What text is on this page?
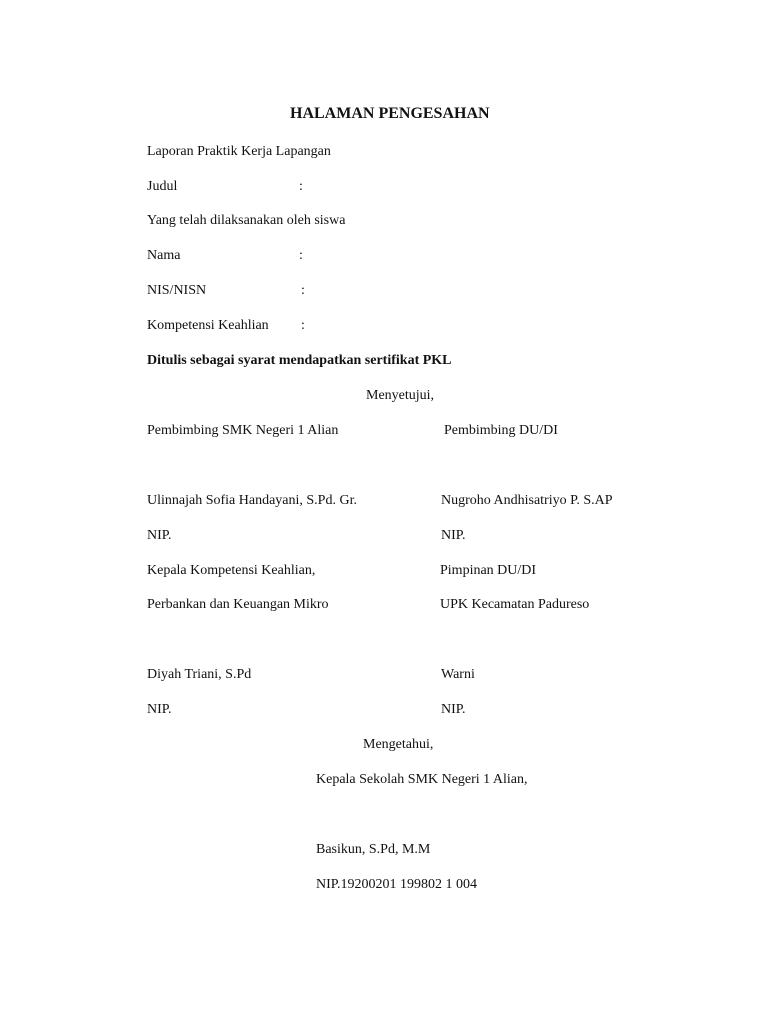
HALAMAN PENGESAHAN
Laporan Praktik Kerja Lapangan
Judul	:
Yang telah dilaksanakan oleh siswa
Nama	:
NIS/NISN	:
Kompetensi Keahlian :
Ditulis sebagai syarat mendapatkan sertifikat PKL
Menyetujui,
Pembimbing SMK Negeri 1 Alian	Pembimbing DU/DI
Ulinnajah Sofia Handayani, S.Pd. Gr.	Nugroho Andhisatriyo P. S.AP
NIP.	NIP.
Kepala Kompetensi Keahlian,	Pimpinan DU/DI
Perbankan dan Keuangan Mikro	UPK Kecamatan Padureso
Diyah Triani, S.Pd	Warni
NIP.	NIP.
Mengetahui,
Kepala Sekolah SMK Negeri 1 Alian,
Basikun, S.Pd, M.M
NIP.19200201 199802 1 004
